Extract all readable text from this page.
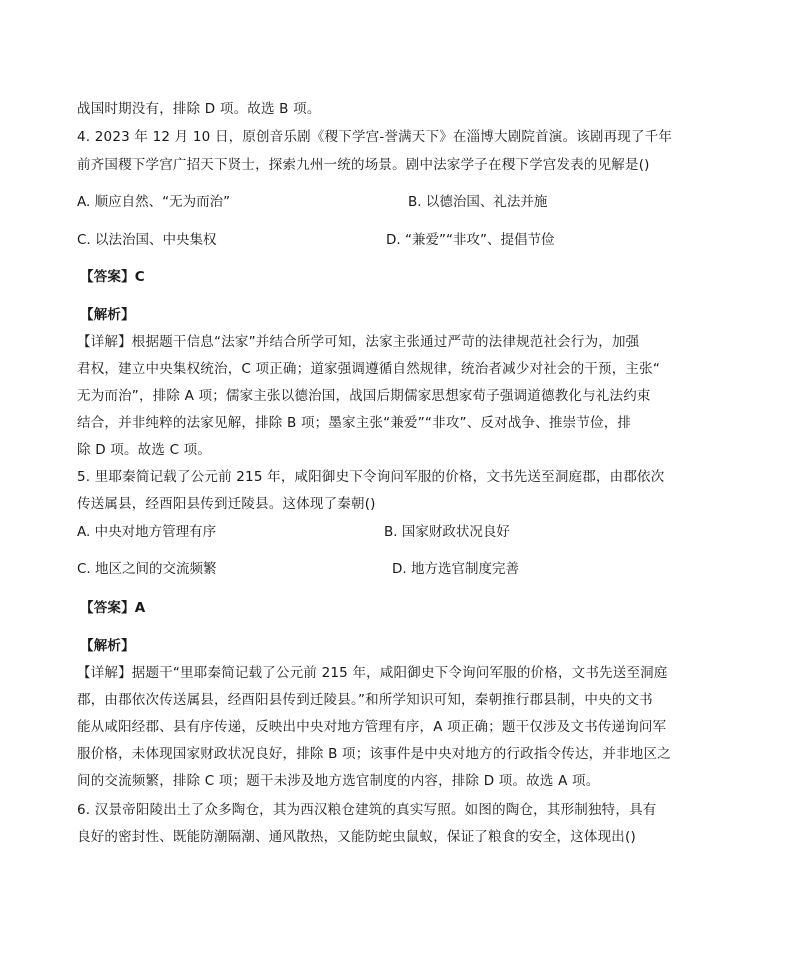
战国时期没有，排除 D 项。故选 B 项。
4. 2023 年 12 月 10 日，原创音乐剧《稷下学宫-誉满天下》在淄博大剧院首演。该剧再现了千年
前齐国稷下学宫广招天下贤士，探索九州一统的场景。剧中法家学子在稷下学宫发表的见解是()
A. 顺应自然、“无为而治”	B. 以德治国、礼法并施
C. 以法治国、中央集权	D. “兼爱”“非攻”、提倡节俭
【答案】C
【解析】
【详解】根据题干信息“法家”并结合所学可知，法家主张通过严苛的法律规范社会行为，加强
君权，建立中央集权统治，C 项正确；道家强调遵循自然规律，统治者减少对社会的干预，主张“
无为而治”，排除 A 项；儒家主张以德治国，战国后期儒家思想家荀子强调道德教化与礼法约束
结合，并非纯粹的法家见解，排除 B 项；墨家主张“兼爱”“非攻”、反对战争、推崇节俭，排
除 D 项。故选 C 项。
5. 里耶秦简记载了公元前 215 年，咸阳御史下令询问军服的价格，文书先送至洞庭郡，由郡依次
传送属县，经酉阳县传到迁陵县。这体现了秦朝()
A. 中央对地方管理有序	B. 国家财政状况良好
C. 地区之间的交流频繁	D. 地方选官制度完善
【答案】A
【解析】
【详解】据题干“里耶秦简记载了公元前 215 年，咸阳御史下令询问军服的价格，文书先送至洞庭
郡，由郡依次传送属县，经酉阳县传到迁陵县。”和所学知识可知，秦朝推行郡县制，中央的文书
能从咸阳经郡、县有序传递，反映出中央对地方管理有序，A 项正确；题干仅涉及文书传递询问军
服价格，未体现国家财政状况良好，排除 B 项；该事件是中央对地方的行政指令传达，并非地区之
间的交流频繁，排除 C 项；题干未涉及地方选官制度的内容，排除 D 项。故选 A 项。
6. 汉景帝阳陵出土了众多陶仓，其为西汉粮仓建筑的真实写照。如图的陶仓，其形制独特，具有
良好的密封性、既能防潮隔潮、通风散热，又能防蛇虫鼠蚁，保证了粮食的安全，这体现出()
